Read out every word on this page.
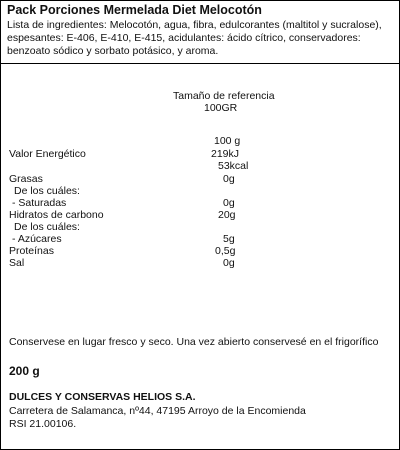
Pack Porciones Mermelada Diet Melocotón
Lista de ingredientes: Melocotón, agua, fibra, edulcorantes (maltitol y sucralose), espesantes: E-406, E-410, E-415, acidulantes: ácido cítrico, conservadores: benzoato sódico y sorbato potásico, y aroma.
Tamaño de referencia
100GR
100 g
Valor Energético	219kJ
53kcal
Grasas	0g
De los cuáles:
- Saturadas	0g
Hidratos de carbono	20g
De los cuáles:
- Azúcares	5g
Proteínas	0,5g
Sal	0g
Conservese en lugar fresco y seco. Una vez abierto conservesé en el frigorífico
200 g
DULCES Y CONSERVAS HELIOS S.A.
Carretera de Salamanca, nº44, 47195 Arroyo de la Encomienda
RSI 21.00106.
